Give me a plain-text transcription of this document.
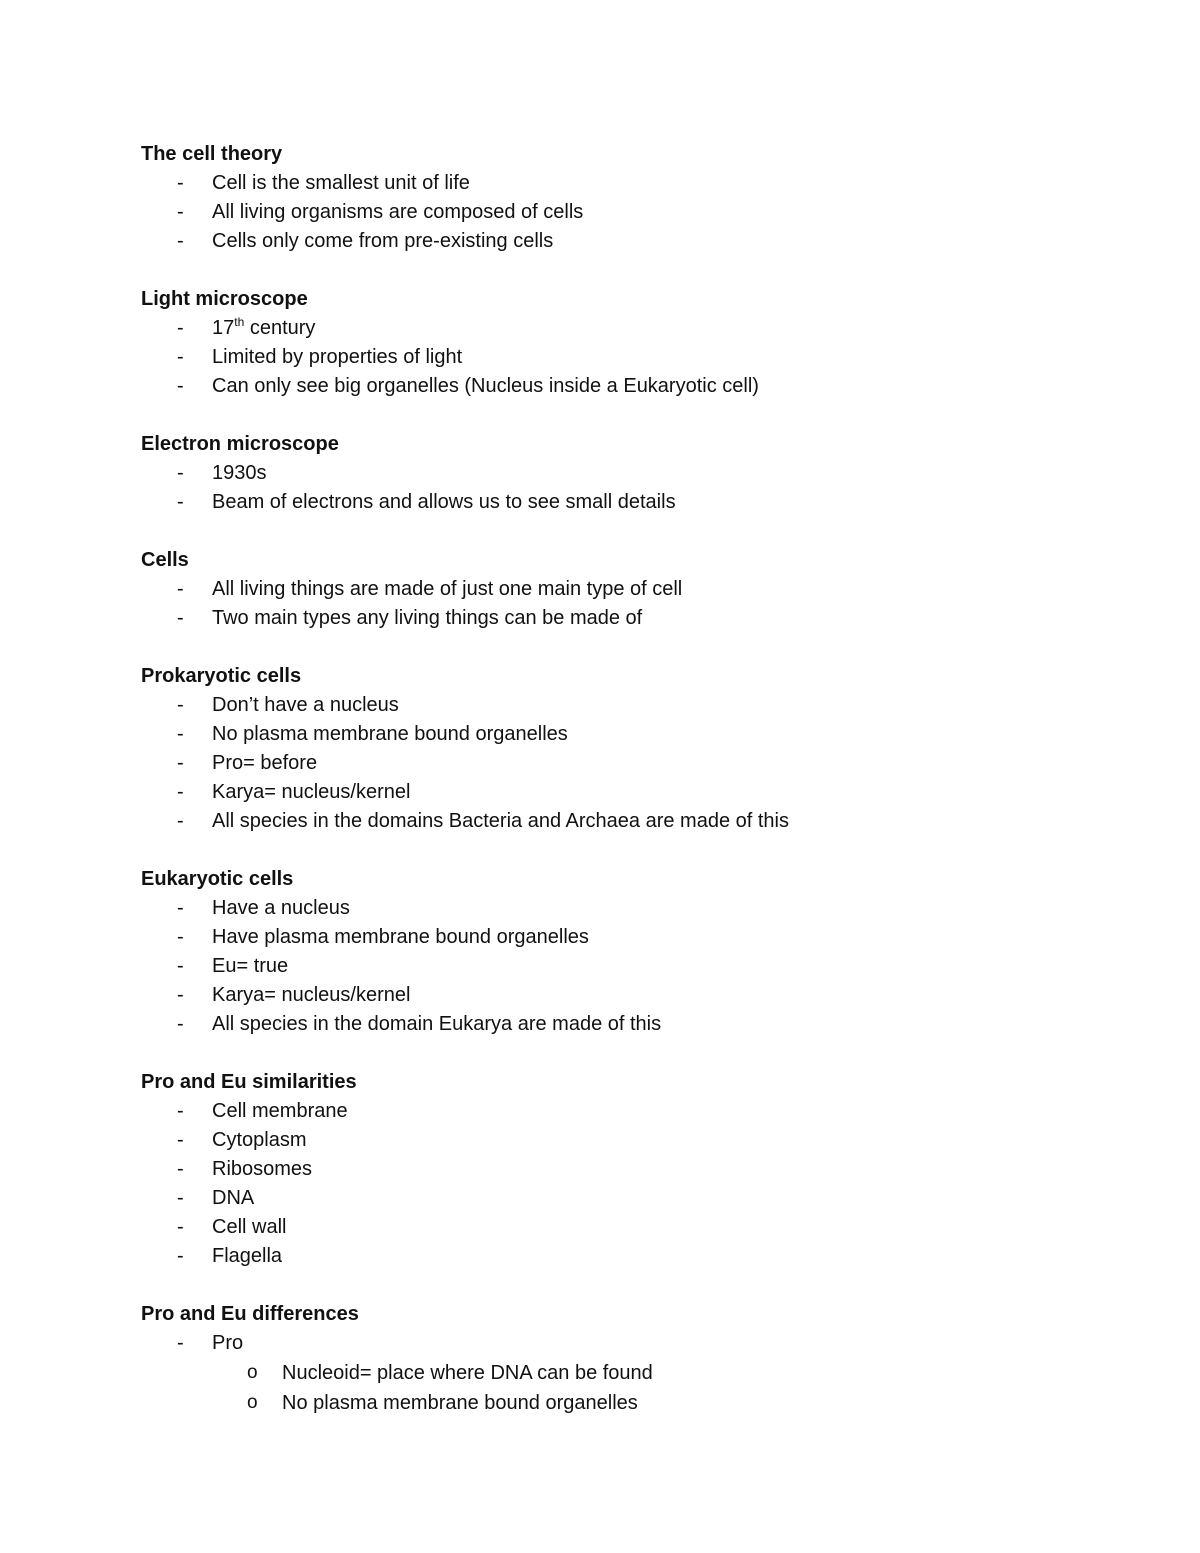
The cell theory
- Cell is the smallest unit of life
- All living organisms are composed of cells
- Cells only come from pre-existing cells
Light microscope
- 17th century
- Limited by properties of light
- Can only see big organelles (Nucleus inside a Eukaryotic cell)
Electron microscope
- 1930s
- Beam of electrons and allows us to see small details
Cells
- All living things are made of just one main type of cell
- Two main types any living things can be made of
Prokaryotic cells
- Don’t have a nucleus
- No plasma membrane bound organelles
- Pro= before
- Karya= nucleus/kernel
- All species in the domains Bacteria and Archaea are made of this
Eukaryotic cells
- Have a nucleus
- Have plasma membrane bound organelles
- Eu= true
- Karya= nucleus/kernel
- All species in the domain Eukarya are made of this
Pro and Eu similarities
- Cell membrane
- Cytoplasm
- Ribosomes
- DNA
- Cell wall
- Flagella
Pro and Eu differences
- Pro
o Nucleoid= place where DNA can be found
o No plasma membrane bound organelles
